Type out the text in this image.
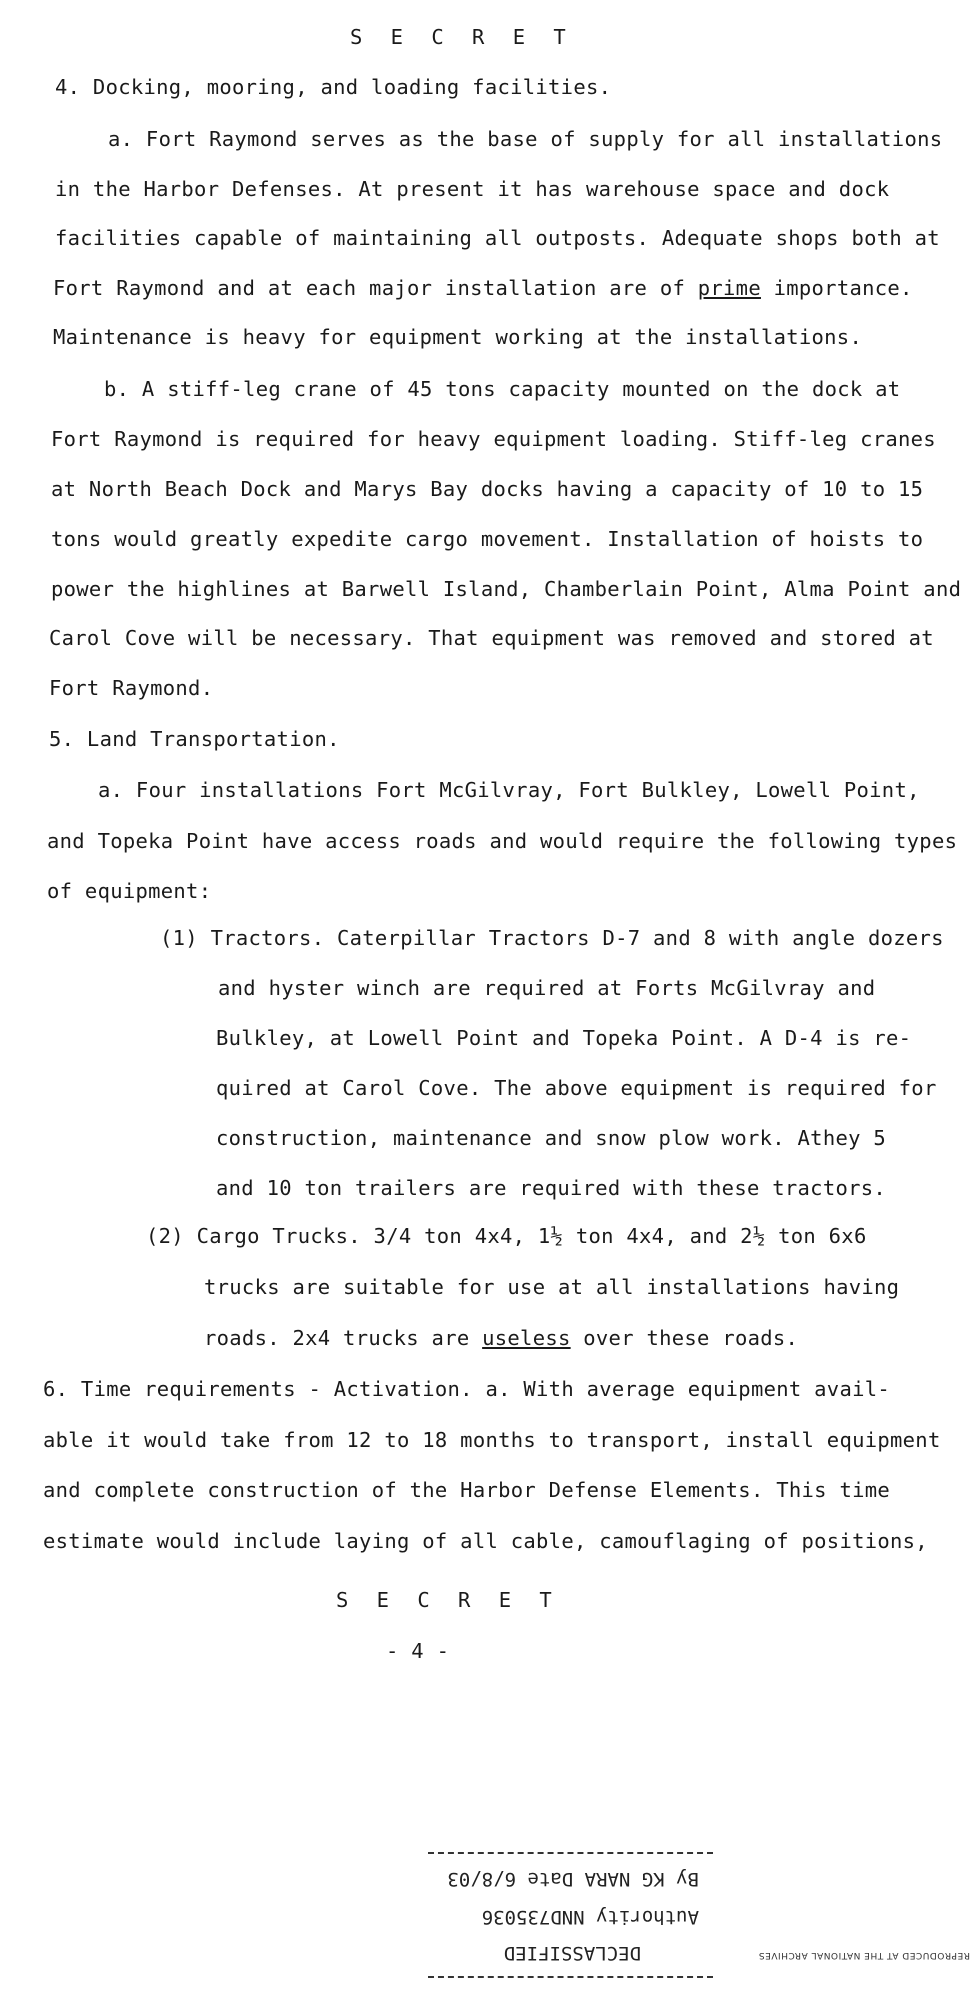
S E C R E T
4. Docking, mooring, and loading facilities.
a. Fort Raymond serves as the base of supply for all installations
in the Harbor Defenses. At present it has warehouse space and dock
facilities capable of maintaining all outposts. Adequate shops both at
Fort Raymond and at each major installation are of prime importance.
Maintenance is heavy for equipment working at the installations.
b. A stiff-leg crane of 45 tons capacity mounted on the dock at
Fort Raymond is required for heavy equipment loading. Stiff-leg cranes
at North Beach Dock and Marys Bay docks having a capacity of 10 to 15
tons would greatly expedite cargo movement. Installation of hoists to
power the highlines at Barwell Island, Chamberlain Point, Alma Point and
Carol Cove will be necessary. That equipment was removed and stored at
Fort Raymond.
5. Land Transportation.
a. Four installations Fort McGilvray, Fort Bulkley, Lowell Point,
and Topeka Point have access roads and would require the following types
of equipment:
(1) Tractors. Caterpillar Tractors D-7 and 8 with angle dozers
and hyster winch are required at Forts McGilvray and
Bulkley, at Lowell Point and Topeka Point. A D-4 is re-
quired at Carol Cove. The above equipment is required for
construction, maintenance and snow plow work. Athey 5
and 10 ton trailers are required with these tractors.
(2) Cargo Trucks. 3/4 ton 4x4, 1½ ton 4x4, and 2½ ton 6x6
trucks are suitable for use at all installations having
roads. 2x4 trucks are useless over these roads.
6. Time requirements - Activation. a. With average equipment avail-
able it would take from 12 to 18 months to transport, install equipment
and complete construction of the Harbor Defense Elements. This time
estimate would include laying of all cable, camouflaging of positions,
S E C R E T
- 4 -
DECLASSIFIED
Authority NND735036
By KG NARA Date 6/8/03
REPRODUCED AT THE NATIONAL ARCHIVES
